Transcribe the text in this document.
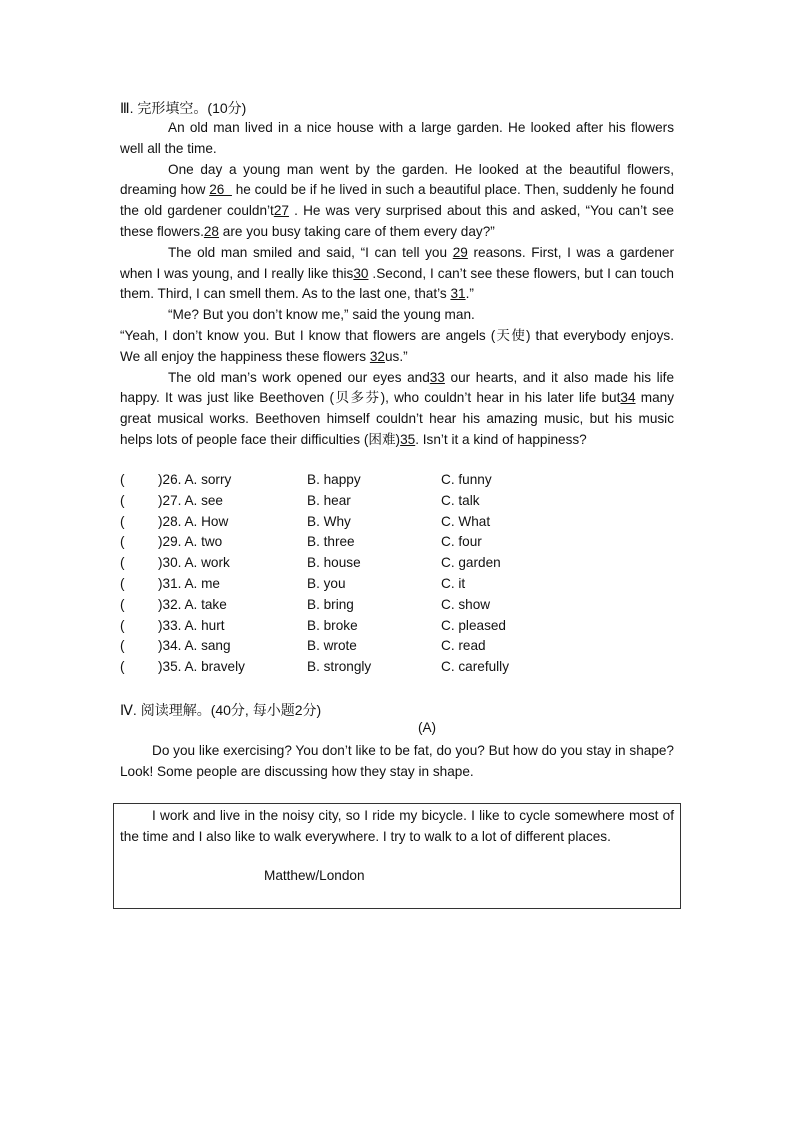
Ⅲ. 完形填空。(10分)

An old man lived in a nice house with a large garden. He looked after his flowers well all the time.

One day a young man went by the garden. He looked at the beautiful flowers, dreaming how 26   he could be if he lived in such a beautiful place. Then, suddenly he found the old gardener couldn’t27 . He was very surprised about this and asked, “You can’t see these flowers.28 are you busy taking care of them every day?”

The old man smiled and said, “I can tell you 29 reasons. First, I was a gardener when I was young, and I really like this30 .Second, I can’t see these flowers, but I can touch them. Third, I can smell them. As to the last one, that’s 31.”

“Me? But you don’t know me,” said the young man.

“Yeah, I don’t know you. But I know that flowers are angels (天使) that everybody enjoys. We all enjoy the happiness these flowers 32us.”

The old man’s work opened our eyes and33 our hearts, and it also made his life happy. It was just like Beethoven (贝多芬), who couldn’t hear in his later life but34 many great musical works. Beethoven himself couldn’t hear his amazing music, but his music helps lots of people face their difficulties (困难)35. Isn’t it a kind of happiness?

( )26. A. sorry	B. happy	C. funny
( )27. A. see	B. hear	C. talk
( )28. A. How	B. Why	C. What
( )29. A. two	B. three	C. four
( )30. A. work	B. house	C. garden
( )31. A. me	B. you	C. it
( )32. A. take	B. bring	C. show
( )33. A. hurt	B. broke	C. pleased
( )34. A. sang	B. wrote	C. read
( )35. A. bravely	B. strongly	C. carefully
Ⅳ. 阅读理解。(40分, 每小题2分)
(A)
Do you like exercising? You don’t like to be fat, do you? But how do you stay in shape? Look! Some people are discussing how they stay in shape.
I work and live in the noisy city, so I ride my bicycle. I like to cycle somewhere most of the time and I also like to walk everywhere. I try to walk to a lot of different places.
Matthew/London
